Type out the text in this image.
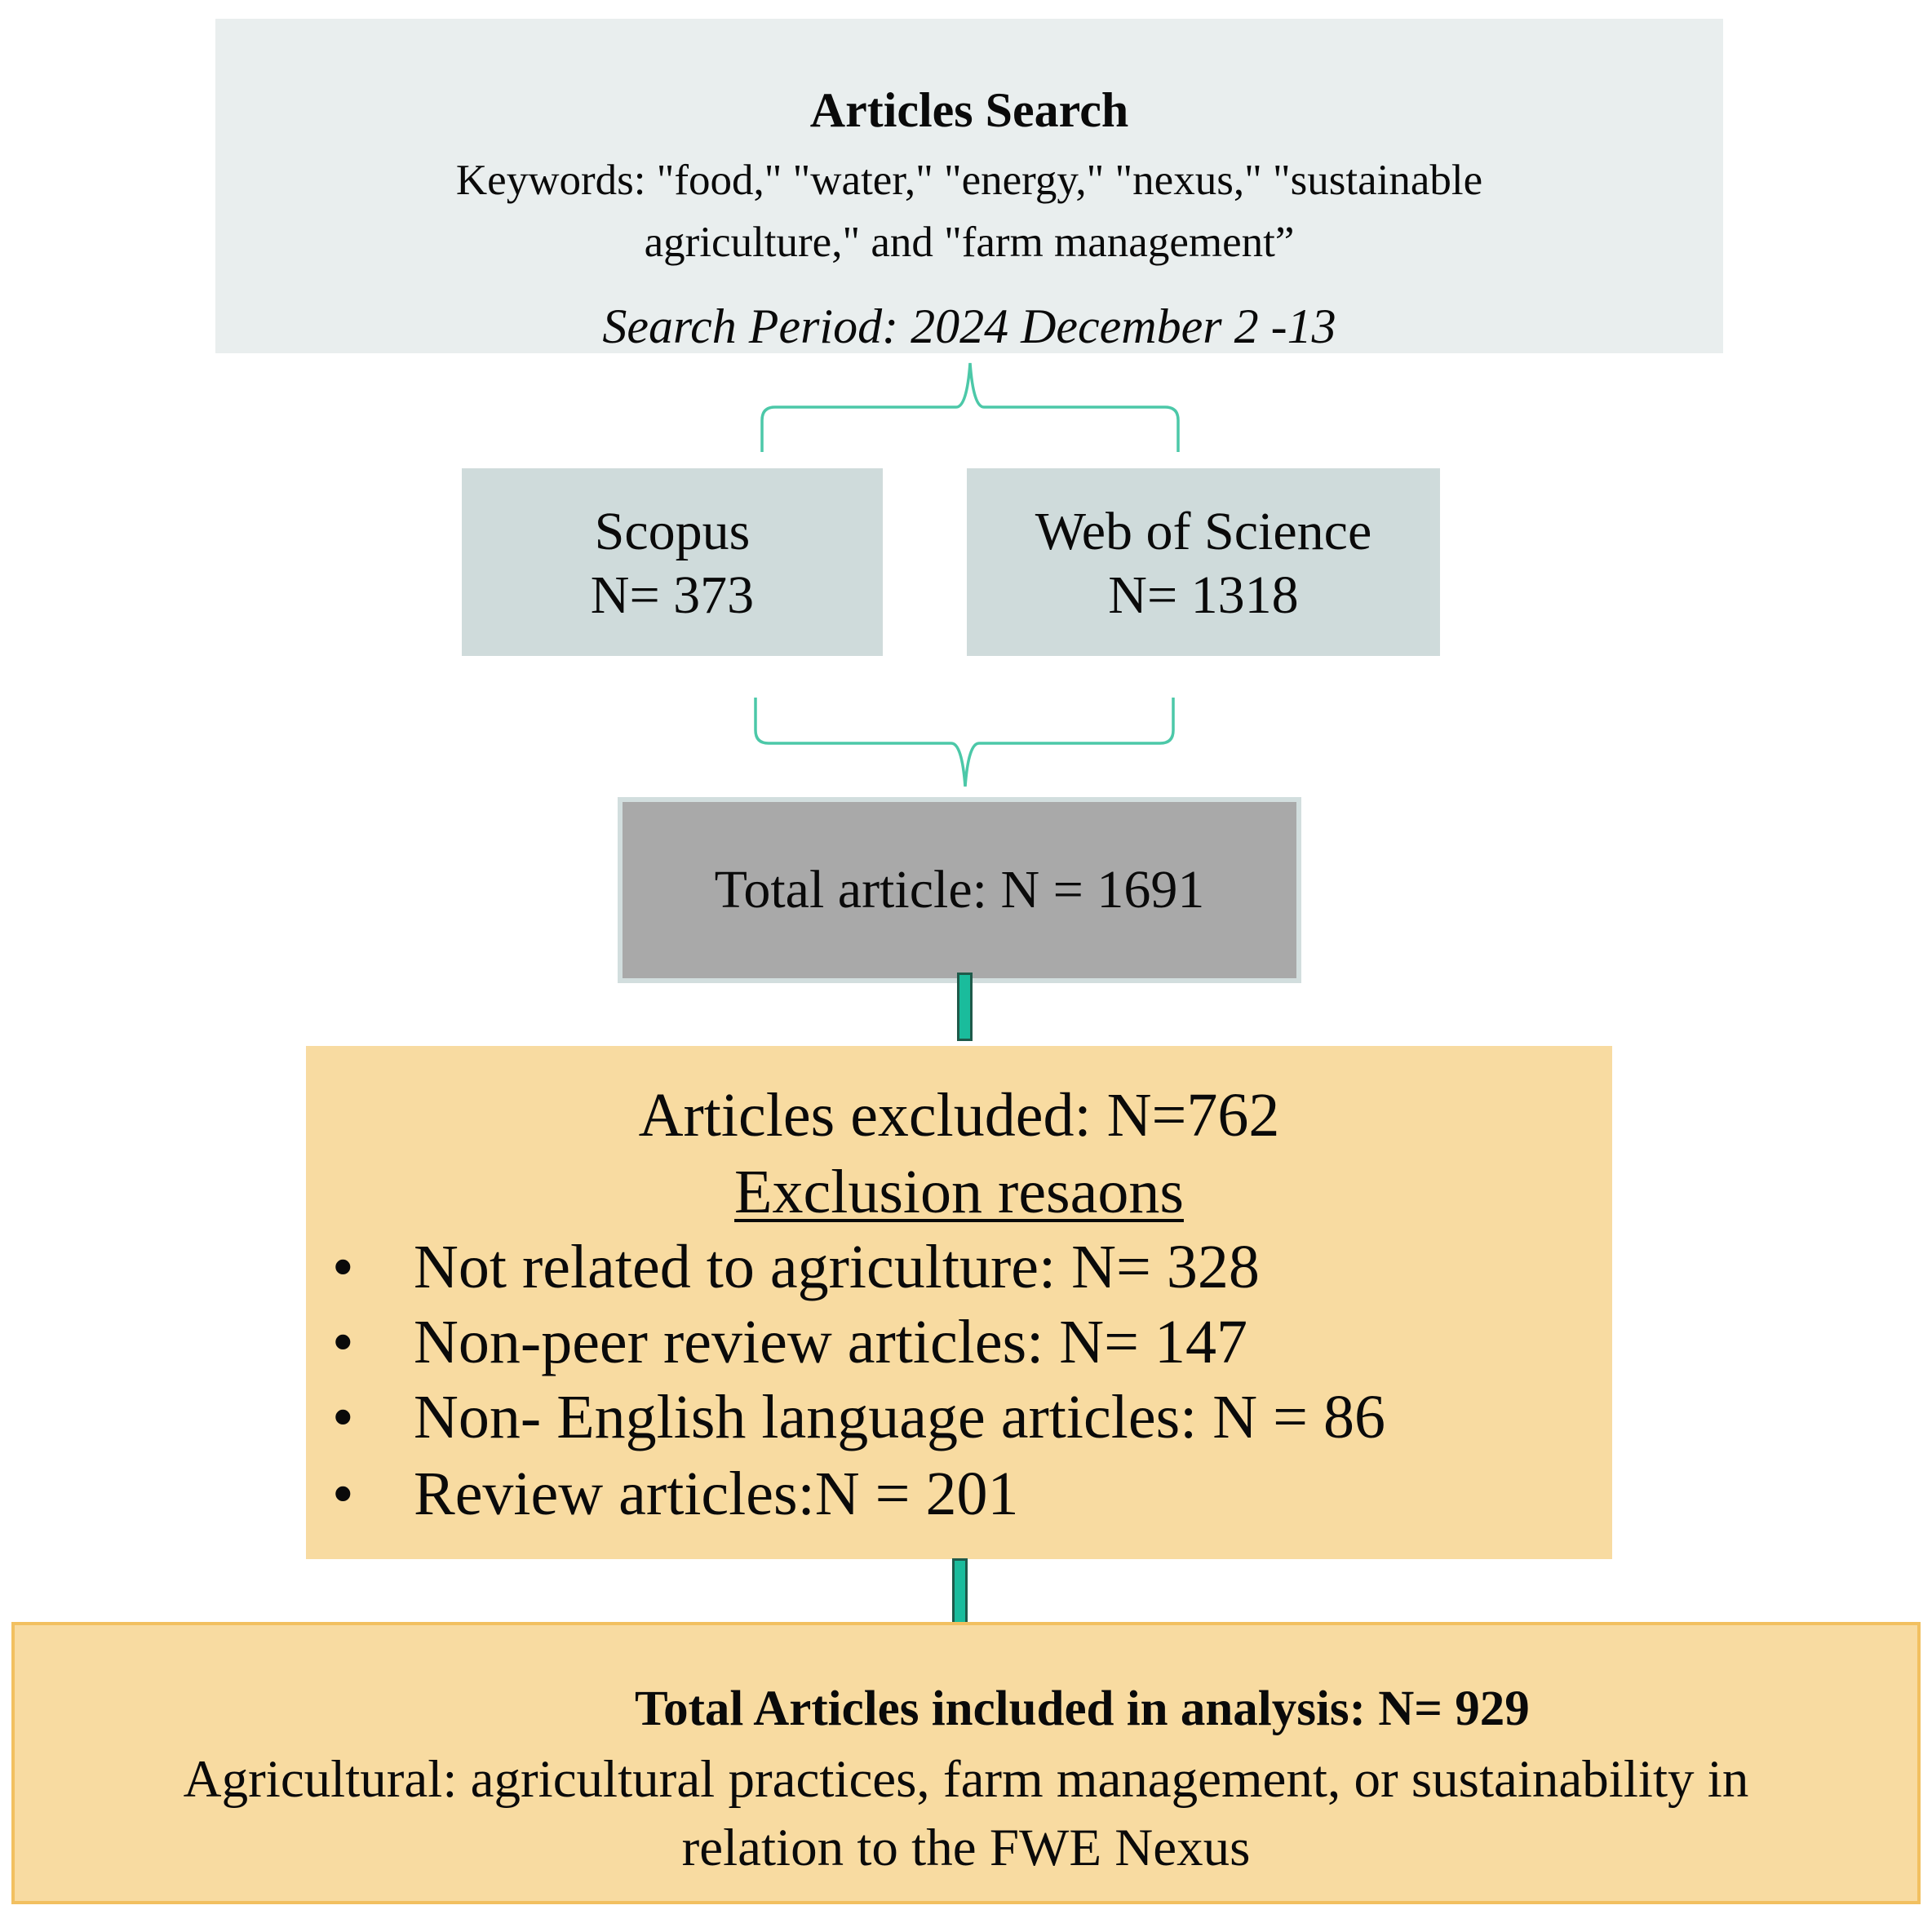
Articles Search
Keywords: "food," "water," "energy," "nexus," "sustainable
agriculture," and "farm management”
Search Period: 2024 December 2 -13
Scopus
N= 373
Web of Science
N= 1318
Total article: N = 1691
Articles excluded: N=762
Exclusion resaons
• Not related to agriculture: N= 328
• Non-peer review articles: N= 147
• Non- English language articles: N = 86
• Review articles:N = 201
Total Articles included in analysis: N= 929
Agricultural: agricultural practices, farm management, or sustainability in
relation to the FWE Nexus
